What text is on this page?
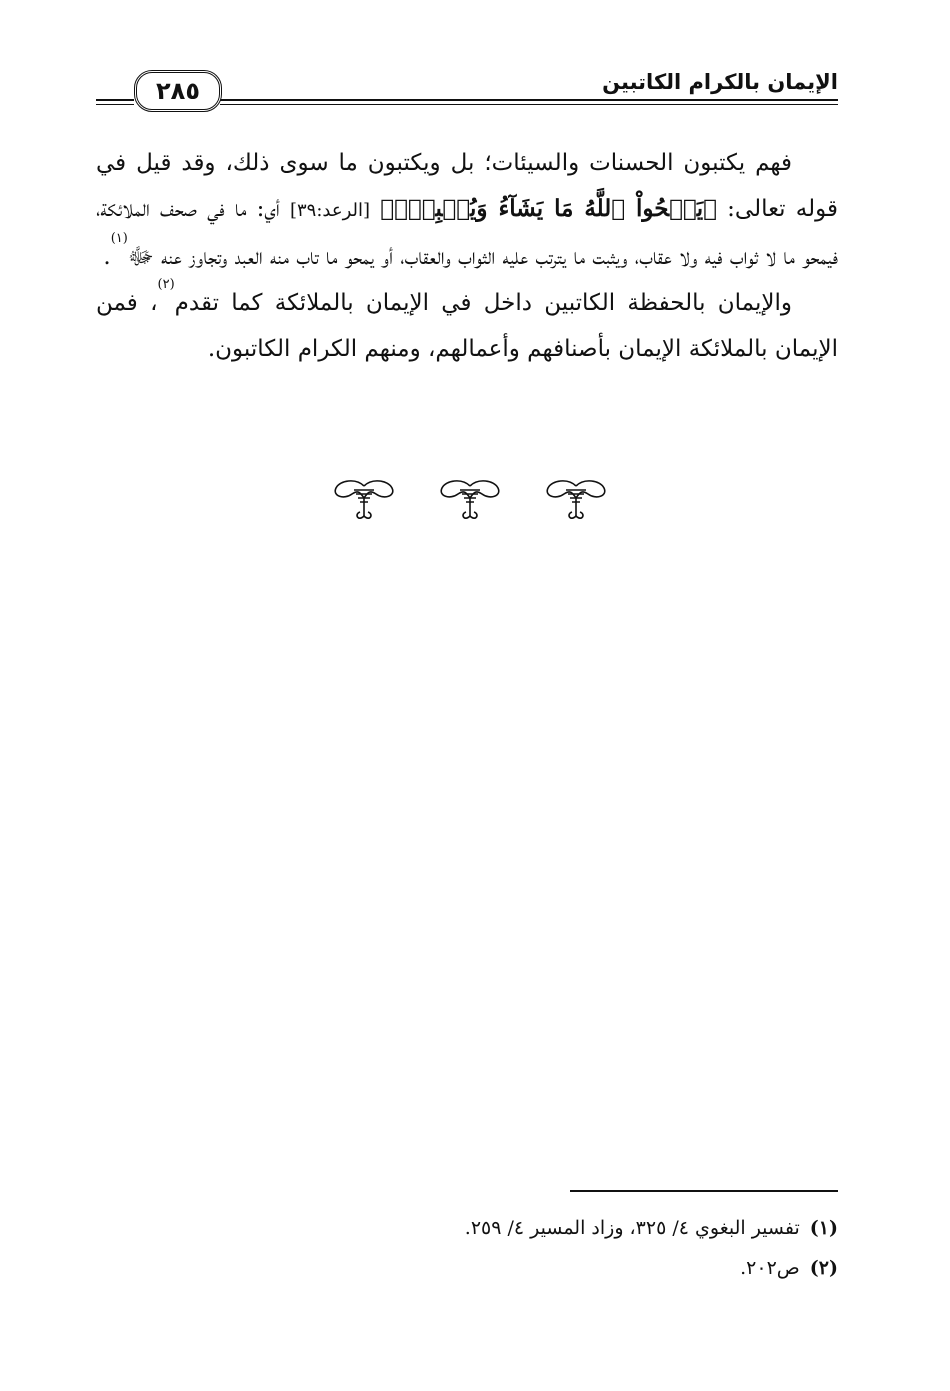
الإيمان بالكرام الكاتبين
٢٨٥

فهم يكتبون الحسنات والسيئات؛ بل ويكتبون ما سوى ذلك، وقد قيل في قوله تعالى: ﴿يَمۡحُواْ ٱللَّهُ مَا يَشَآءُ وَيُثۡبِتُۖ﴾ [الرعد:٣٩] أي: ما في صحف الملائكة، فيمحو ما لا ثواب فيه ولا عقاب، ويثبت ما يترتب عليه الثواب والعقاب، أو يمحو ما تاب منه العبد وتجاوز عنه ﷻ$^{(١)}$.

والإيمان بالحفظة الكاتبين داخل في الإيمان بالملائكة كما تقدم$^{(٢)}$، فمن الإيمان بالملائكة الإيمان بأصنافهم وأعمالهم، ومنهم الكرام الكاتبون.

(١)تفسير البغوي ٤/ ٣٢٥، وزاد المسير ٤/ ٢٥٩.
(٢)ص٢٠٢.
